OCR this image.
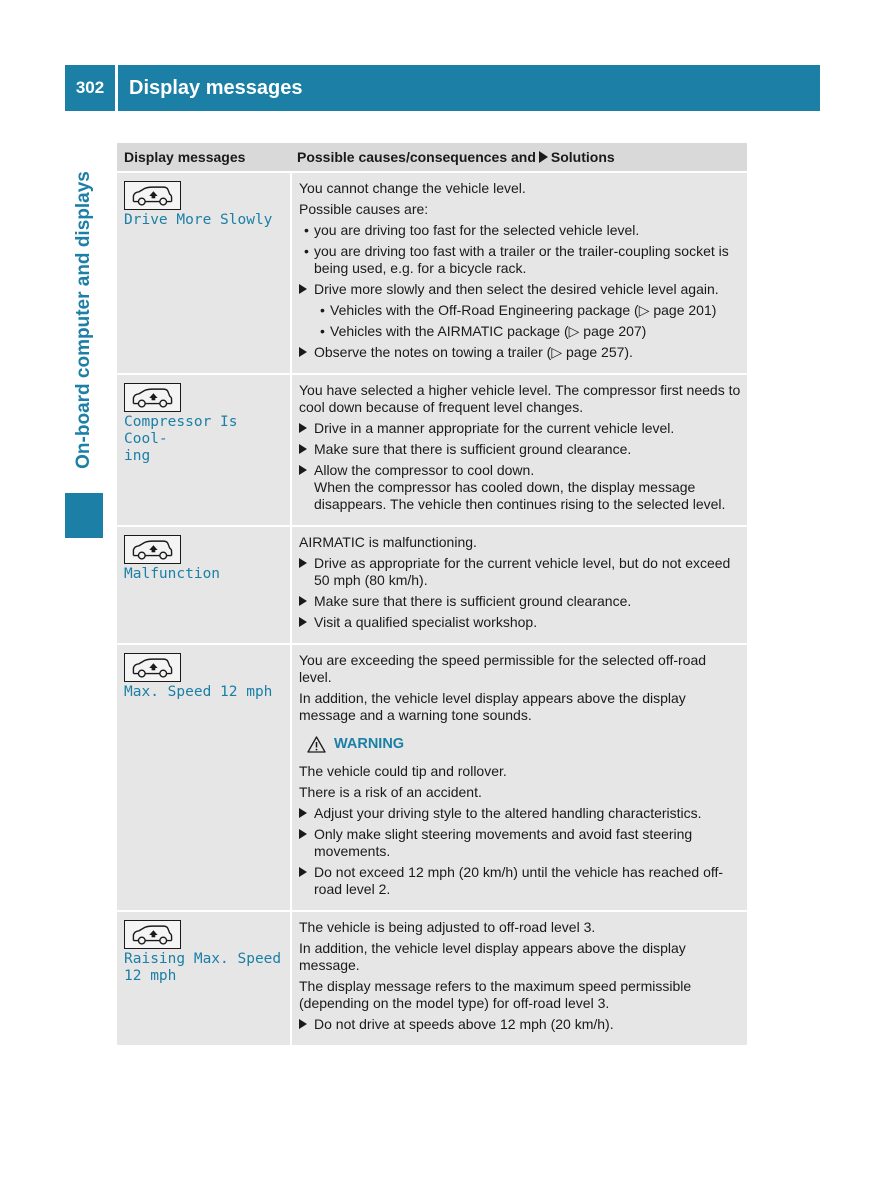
302	Display messages
On-board computer and displays
Display messages	Possible causes/consequences and Solutions
Drive More Slowly
You cannot change the vehicle level.
Possible causes are:
• you are driving too fast for the selected vehicle level.
• you are driving too fast with a trailer or the trailer-coupling socket is being used, e.g. for a bicycle rack.
Drive more slowly and then select the desired vehicle level again.
• Vehicles with the Off-Road Engineering package (▷ page 201)
• Vehicles with the AIRMATIC package (▷ page 207)
Observe the notes on towing a trailer (▷ page 257).
Compressor Is Cool-
ing
You have selected a higher vehicle level. The compressor first needs to cool down because of frequent level changes.
Drive in a manner appropriate for the current vehicle level.
Make sure that there is sufficient ground clearance.
Allow the compressor to cool down.
When the compressor has cooled down, the display message disappears. The vehicle then continues rising to the selected level.
Malfunction
AIRMATIC is malfunctioning.
Drive as appropriate for the current vehicle level, but do not exceed 50 mph (80 km/h).
Make sure that there is sufficient ground clearance.
Visit a qualified specialist workshop.
Max. Speed 12 mph
You are exceeding the speed permissible for the selected off-road level.
In addition, the vehicle level display appears above the display message and a warning tone sounds.
WARNING
The vehicle could tip and rollover.
There is a risk of an accident.
Adjust your driving style to the altered handling characteristics.
Only make slight steering movements and avoid fast steering movements.
Do not exceed 12 mph (20 km/h) until the vehicle has reached off-road level 2.
Raising Max. Speed
12 mph
The vehicle is being adjusted to off-road level 3.
In addition, the vehicle level display appears above the display message.
The display message refers to the maximum speed permissible (depending on the model type) for off-road level 3.
Do not drive at speeds above 12 mph (20 km/h).
